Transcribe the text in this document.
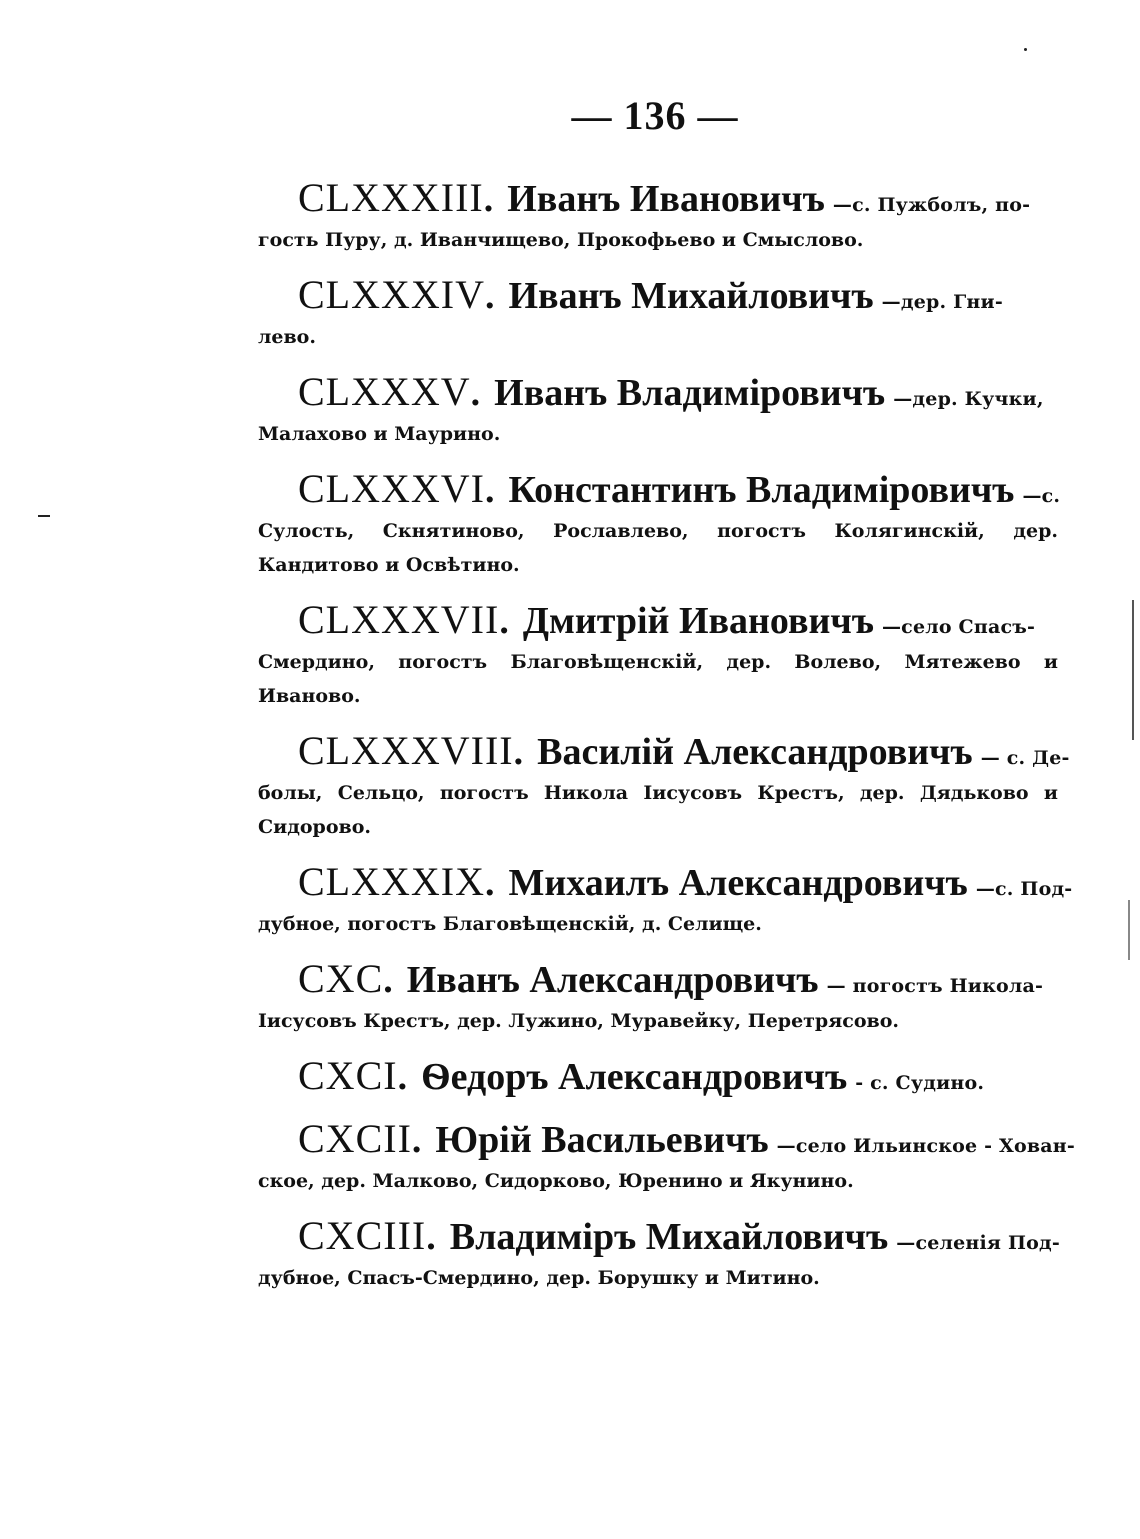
— 136 —
CLXXXIII . Иванъ Ивановичъ —с. Пужболъ, по-
гость Пуру, д. Иванчищево, Прокофьево и Смыслово.
CLXXXIV . Иванъ Михайловичъ —дер. Гни-
лево.
CLXXXV . Иванъ Владимiровичъ —дер. Кучки,
Малахово и Маурино.
CLXXXVI . Константинъ Владимiровичъ —с.
Сулость, Скнятиново, Рославлево, погостъ Колягинскiй, дер. Кандитово и Освѣтино.
CLXXXVII . Дмитрiй Ивановичъ —село Спасъ-
Смердино, погостъ Благовѣщенскiй, дер. Волево, Мятежево и Иваново.
CLXXXVIII . Василiй Александровичъ — с. Де-
болы, Сельцо, погостъ Никола Iисусовъ Крестъ, дер. Дядьково и Сидорово.
CLXXXIX . Михаилъ Александровичъ —с. Под-
дубное, погостъ Благовѣщенскiй, д. Селище.
CXC . Иванъ Александровичъ — погостъ Никола-
Iисусовъ Крестъ, дер. Лужино, Муравейку, Перетрясово.
CXCI . Ѳедоръ Александровичъ - с. Судино.
CXCII . Юрiй Васильевичъ —село Ильинское - Хован-
ское, дер. Малково, Сидорково, Юренино и Якунино.
CXCIII . Владимiръ Михайловичъ —селенiя Под-
дубное, Спасъ-Смердино, дер. Борушку и Митино.
